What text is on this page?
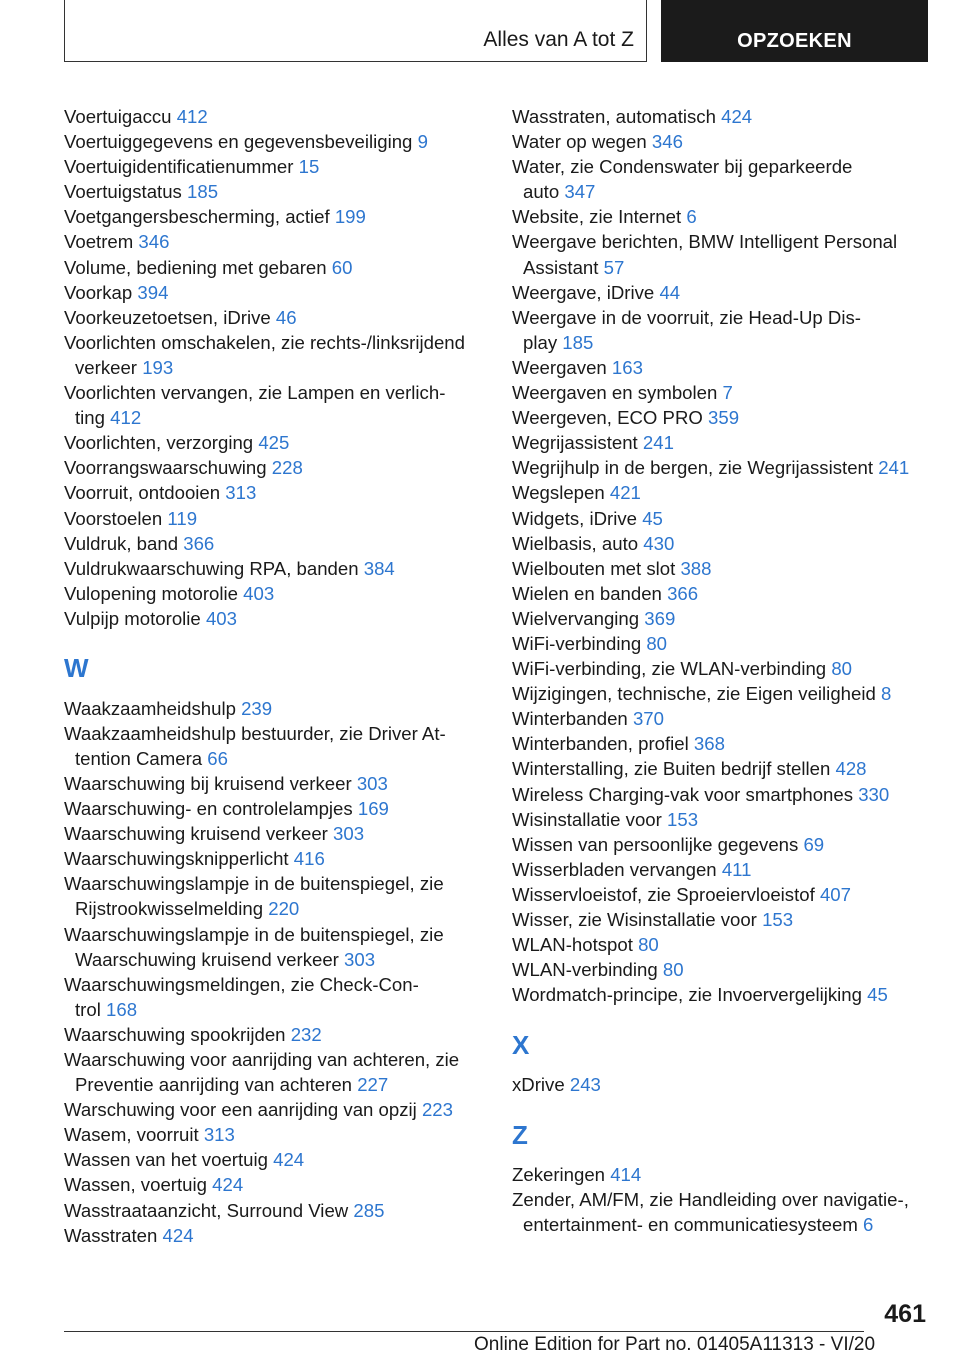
Alles van A tot Z	OPZOEKEN
Voertuigaccu 412
Voertuiggegevens en gegevensbeveiliging 9
Voertuigidentificatienummer 15
Voertuigstatus 185
Voetgangersbescherming, actief 199
Voetrem 346
Volume, bediening met gebaren 60
Voorkap 394
Voorkeuzetoetsen, iDrive 46
Voorlichten omschakelen, zie rechts-/linksrijdend
verkeer 193
Voorlichten vervangen, zie Lampen en verlich‐
ting 412
Voorlichten, verzorging 425
Voorrangswaarschuwing 228
Voorruit, ontdooien 313
Voorstoelen 119
Vuldruk, band 366
Vuldrukwaarschuwing RPA, banden 384
Vulopening motorolie 403
Vulpijp motorolie 403
W
Waakzaamheidshulp 239
Waakzaamheidshulp bestuurder, zie Driver At‐
tention Camera 66
Waarschuwing bij kruisend verkeer 303
Waarschuwing- en controlelampjes 169
Waarschuwing kruisend verkeer 303
Waarschuwingsknipperlicht 416
Waarschuwingslampje in de buitenspiegel, zie
Rijstrookwisselmelding 220
Waarschuwingslampje in de buitenspiegel, zie
Waarschuwing kruisend verkeer 303
Waarschuwingsmeldingen, zie Check-Con‐
trol 168
Waarschuwing spookrijden 232
Waarschuwing voor aanrijding van achteren, zie
Preventie aanrijding van achteren 227
Warschuwing voor een aanrijding van opzij 223
Wasem, voorruit 313
Wassen van het voertuig 424
Wassen, voertuig 424
Wasstraataanzicht, Surround View 285
Wasstraten 424
Wasstraten, automatisch 424
Water op wegen 346
Water, zie Condenswater bij geparkeerde
auto 347
Website, zie Internet 6
Weergave berichten, BMW Intelligent Personal
Assistant 57
Weergave, iDrive 44
Weergave in de voorruit, zie Head-Up Dis‐
play 185
Weergaven 163
Weergaven en symbolen 7
Weergeven, ECO PRO 359
Wegrijassistent 241
Wegrijhulp in de bergen, zie Wegrijassistent 241
Wegslepen 421
Widgets, iDrive 45
Wielbasis, auto 430
Wielbouten met slot 388
Wielen en banden 366
Wielvervanging 369
WiFi-verbinding 80
WiFi-verbinding, zie WLAN-verbinding 80
Wijzigingen, technische, zie Eigen veiligheid 8
Winterbanden 370
Winterbanden, profiel 368
Winterstalling, zie Buiten bedrijf stellen 428
Wireless Charging-vak voor smartphones 330
Wisinstallatie voor 153
Wissen van persoonlijke gegevens 69
Wisserbladen vervangen 411
Wisservloeistof, zie Sproeiervloeistof 407
Wisser, zie Wisinstallatie voor 153
WLAN-hotspot 80
WLAN-verbinding 80
Wordmatch-principe, zie Invoervergelijking 45
X
xDrive 243
Z
Zekeringen 414
Zender, AM/FM, zie Handleiding over navigatie-,
entertainment- en communicatiesysteem 6
461
Online Edition for Part no. 01405A11313 - VI/20
